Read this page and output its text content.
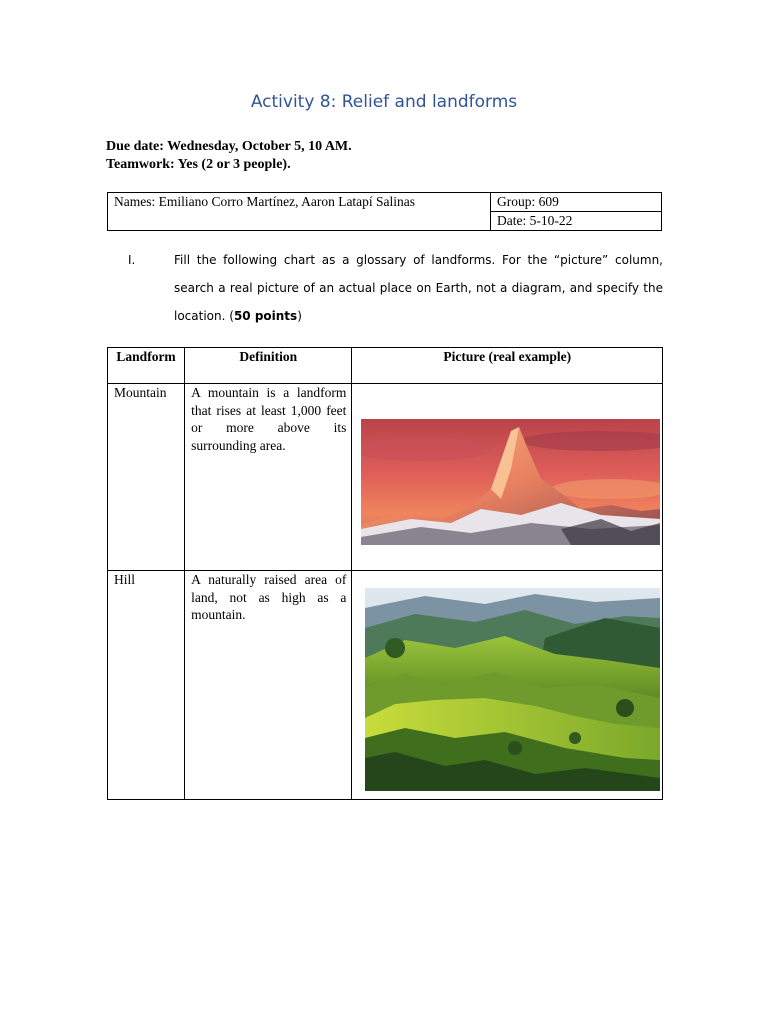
Activity 8: Relief and landforms
Due date: Wednesday, October 5, 10 AM.
Teamwork: Yes (2 or 3 people).
Names: Emiliano Corro Martínez, Aaron Latapí Salinas	Group: 609
Date: 5-10-22
I.	Fill the following chart as a glossary of landforms. For the “picture” column, search a real picture of an actual place on Earth, not a diagram, and specify the location. (50 points)
Landform	Definition	Picture (real example)

Mountain	A mountain is a landform that rises at least 1,000 feet or more above its surrounding area.

Hill	A naturally raised area of land, not as high as a mountain.
